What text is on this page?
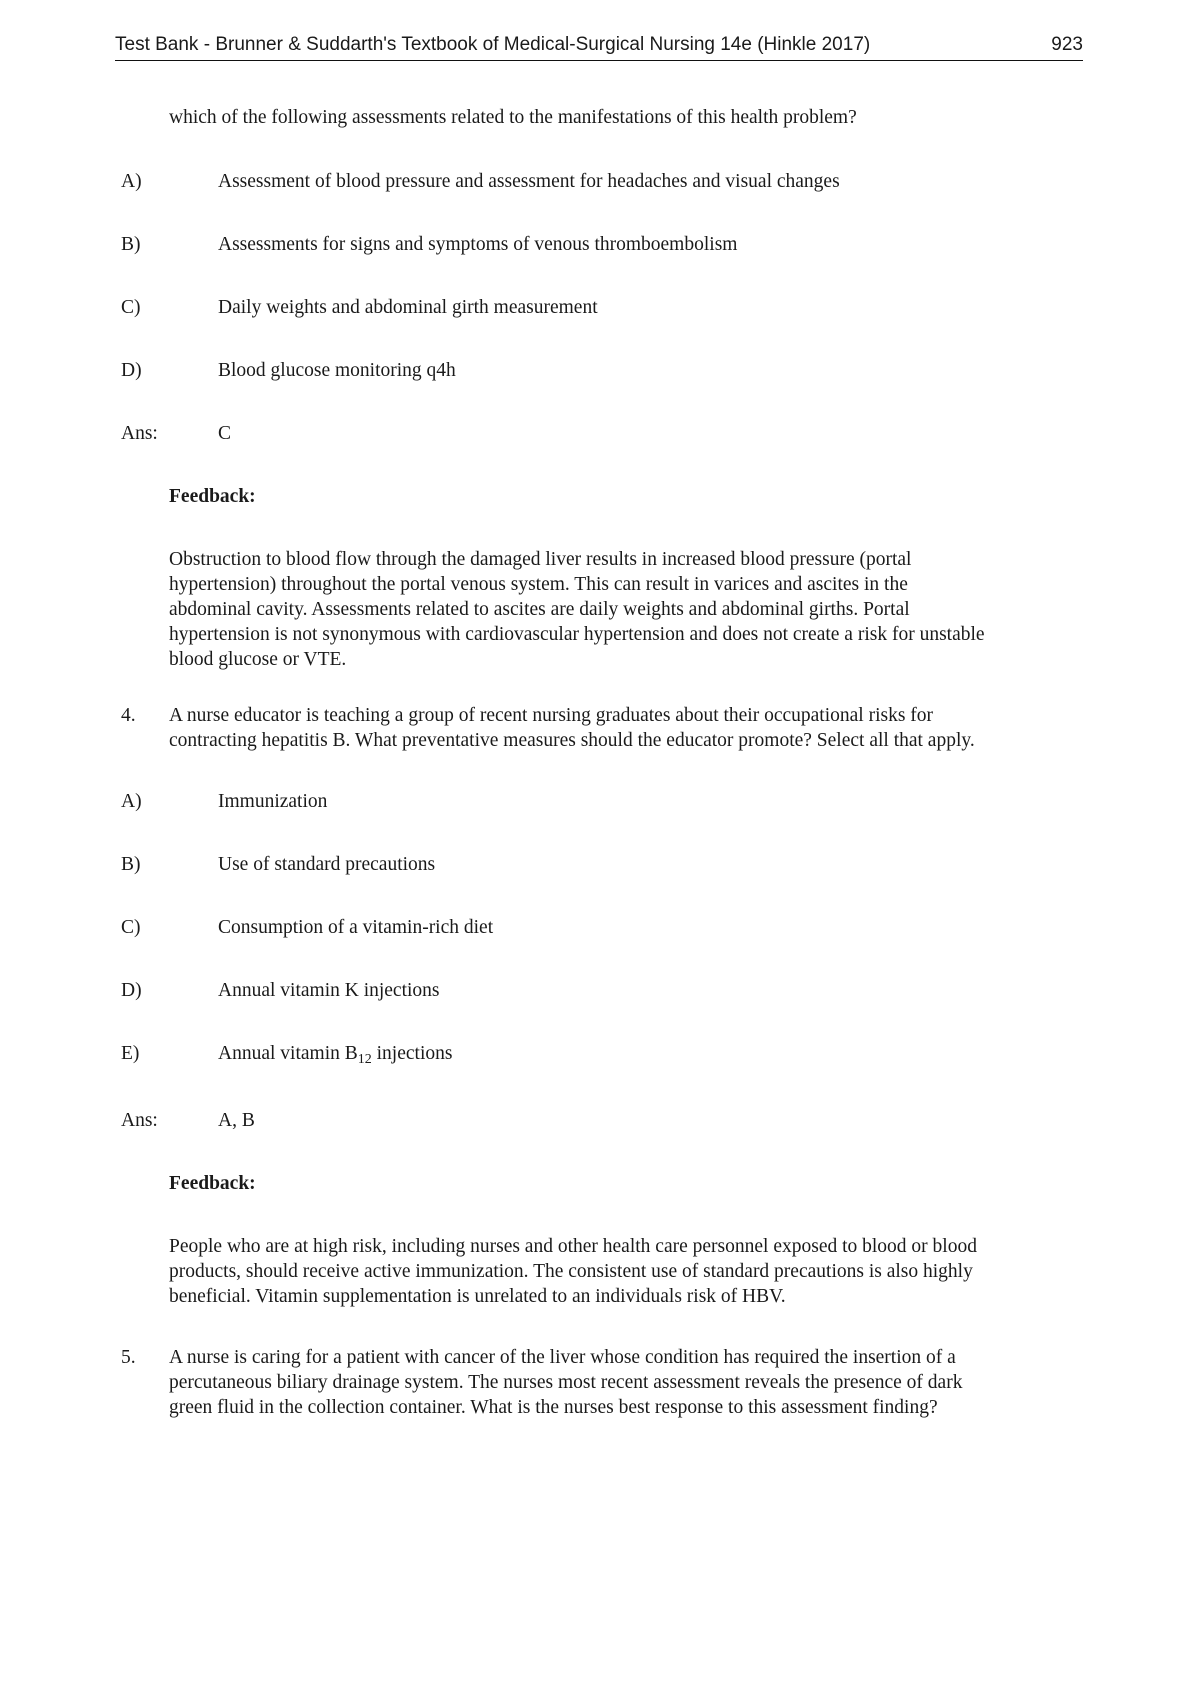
Test Bank - Brunner & Suddarth's Textbook of Medical-Surgical Nursing 14e (Hinkle 2017)	923
which of the following assessments related to the manifestations of this health problem?
A)	Assessment of blood pressure and assessment for headaches and visual changes
B)	Assessments for signs and symptoms of venous thromboembolism
C)	Daily weights and abdominal girth measurement
D)	Blood glucose monitoring q4h
Ans:	C
Feedback:
Obstruction to blood flow through the damaged liver results in increased blood pressure (portal
hypertension) throughout the portal venous system. This can result in varices and ascites in the
abdominal cavity. Assessments related to ascites are daily weights and abdominal girths. Portal
hypertension is not synonymous with cardiovascular hypertension and does not create a risk for unstable
blood glucose or VTE.
4. A nurse educator is teaching a group of recent nursing graduates about their occupational risks for
contracting hepatitis B. What preventative measures should the educator promote? Select all that apply.
A)	Immunization
B)	Use of standard precautions
C)	Consumption of a vitamin-rich diet
D)	Annual vitamin K injections
E)	Annual vitamin $B_{12}$ injections
Ans:	A, B
Feedback:
People who are at high risk, including nurses and other health care personnel exposed to blood or blood
products, should receive active immunization. The consistent use of standard precautions is also highly
beneficial. Vitamin supplementation is unrelated to an individuals risk of HBV.
5. A nurse is caring for a patient with cancer of the liver whose condition has required the insertion of a
percutaneous biliary drainage system. The nurses most recent assessment reveals the presence of dark
green fluid in the collection container. What is the nurses best response to this assessment finding?
